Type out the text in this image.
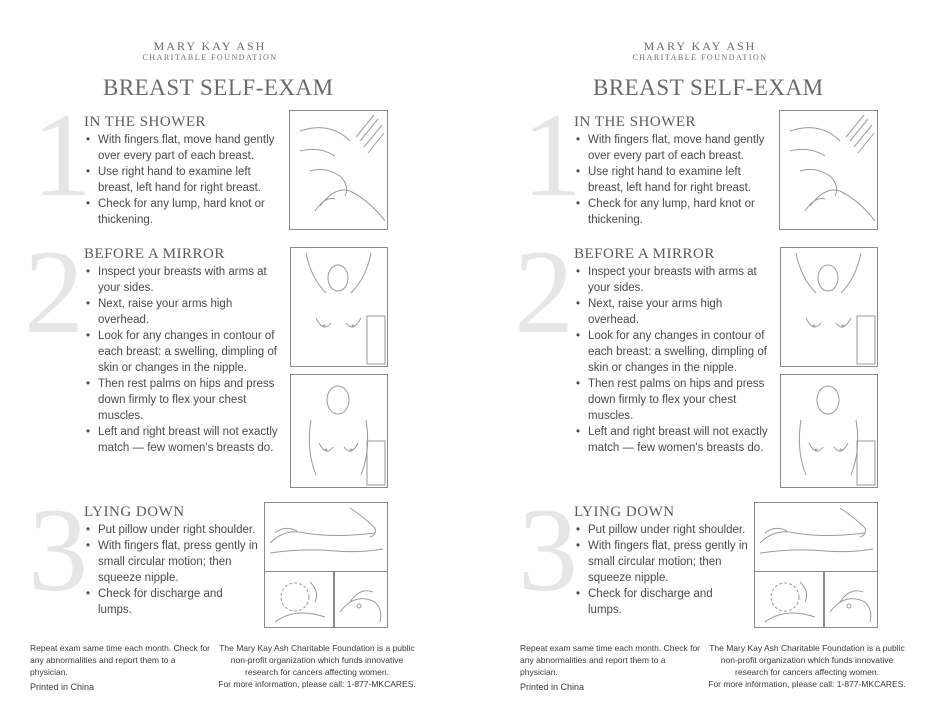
MARY KAY ASH
CHARITABLE FOUNDATION
BREAST SELF-EXAM
1
IN THE SHOWER
• With fingers flat, move hand gently over every part of each breast.
• Use right hand to examine left breast, left hand for right breast.
• Check for any lump, hard knot or thickening.
2 BEFORE A MIRROR
• Inspect your breasts with arms at your sides.
• Next, raise your arms high overhead.
• Look for any changes in contour of each breast: a swelling, dimpling of skin or changes in the nipple.
• Then rest palms on hips and press down firmly to flex your chest muscles.
• Left and right breast will not exactly match — few women's breasts do.
3
LYING DOWN
• Put pillow under right shoulder.
• With fingers flat, press gently in small circular motion; then squeeze nipple.
• Check for discharge and lumps.
Repeat exam same time each month. Check for any abnormalities and report them to a physician.
Printed in China
The Mary Kay Ash Charitable Foundation is a public non-profit organization which funds innovative research for cancers affecting women.
For more information, please call: 1-877-MKCARES.
MARY KAY ASH
CHARITABLE FOUNDATION
BREAST SELF-EXAM
1
IN THE SHOWER
• With fingers flat, move hand gently over every part of each breast.
• Use right hand to examine left breast, left hand for right breast.
• Check for any lump, hard knot or thickening.
2 BEFORE A MIRROR
• Inspect your breasts with arms at your sides.
• Next, raise your arms high overhead.
• Look for any changes in contour of each breast: a swelling, dimpling of skin or changes in the nipple.
• Then rest palms on hips and press down firmly to flex your chest muscles.
• Left and right breast will not exactly match — few women's breasts do.
3
LYING DOWN
• Put pillow under right shoulder.
• With fingers flat, press gently in small circular motion; then squeeze nipple.
• Check for discharge and lumps.
Repeat exam same time each month. Check for any abnormalities and report them to a physician.
Printed in China
The Mary Kay Ash Charitable Foundation is a public non-profit organization which funds innovative research for cancers affecting women.
For more information, please call: 1-877-MKCARES.
